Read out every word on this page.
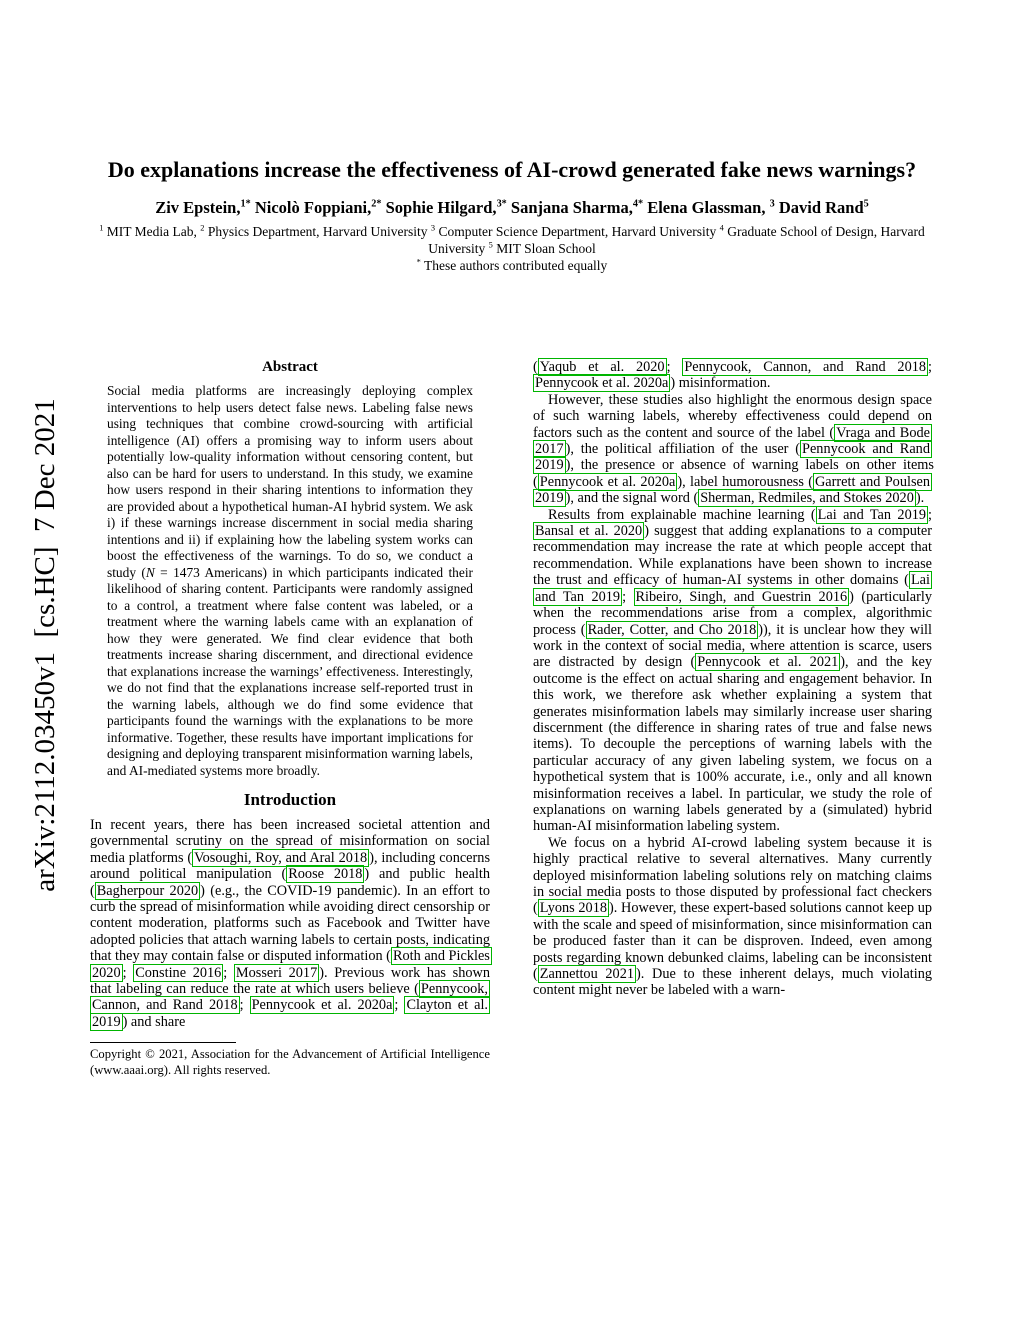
arXiv:2112.03450v1  [cs.HC]  7 Dec 2021
Do explanations increase the effectiveness of AI-crowd generated fake news warnings?
Ziv Epstein,$^{1*}$ Nicolò Foppiani,$^{2*}$ Sophie Hilgard,$^{3*}$ Sanjana Sharma,$^{4*}$ Elena Glassman, $^3$ David Rand$^5$
$^1$ MIT Media Lab, $^2$ Physics Department, Harvard University $^3$ Computer Science Department, Harvard University $^4$ Graduate School of Design, Harvard University $^5$ MIT Sloan School
* These authors contributed equally
Abstract
Social media platforms are increasingly deploying complex interventions to help users detect false news. Labeling false news using techniques that combine crowd-sourcing with artificial intelligence (AI) offers a promising way to inform users about potentially low-quality information without censoring content, but also can be hard for users to understand. In this study, we examine how users respond in their sharing intentions to information they are provided about a hypothetical human-AI hybrid system. We ask i) if these warnings increase discernment in social media sharing intentions and ii) if explaining how the labeling system works can boost the effectiveness of the warnings. To do so, we conduct a study (N = 1473 Americans) in which participants indicated their likelihood of sharing content. Participants were randomly assigned to a control, a treatment where false content was labeled, or a treatment where the warning labels came with an explanation of how they were generated. We find clear evidence that both treatments increase sharing discernment, and directional evidence that explanations increase the warnings’ effectiveness. Interestingly, we do not find that the explanations increase self-reported trust in the warning labels, although we do find some evidence that participants found the warnings with the explanations to be more informative. Together, these results have important implications for designing and deploying transparent misinformation warning labels, and AI-mediated systems more broadly.
Introduction

In recent years, there has been increased societal attention and governmental scrutiny on the spread of misinformation on social media platforms ( Vosoughi, Roy, and Aral 2018 ), including concerns around political manipulation ( Roose 2018 ) and public health ( Bagherpour 2020 ) (e.g., the COVID-19 pandemic). In an effort to curb the spread of misinformation while avoiding direct censorship or content moderation, platforms such as Facebook and Twitter have adopted policies that attach warning labels to certain posts, indicating that they may contain false or disputed information ( Roth and Pickles 2020 ; Constine 2016 ; Mosseri 2017 ). Previous work has shown that labeling can reduce the rate at which users believe ( Pennycook, Cannon, and Rand 2018 ; Pennycook et al. 2020a ; Clayton et al. 2019 ) and share

Copyright © 2021, Association for the Advancement of Artificial Intelligence (www.aaai.org). All rights reserved.

( Yaqub et al. 2020 ; Pennycook, Cannon, and Rand 2018 ; Pennycook et al. 2020a ) misinformation.

However, these studies also highlight the enormous design space of such warning labels, whereby effectiveness could depend on factors such as the content and source of the label ( Vraga and Bode 2017 ), the political affiliation of the user ( Pennycook and Rand 2019 ), the presence or absence of warning labels on other items ( Pennycook et al. 2020a ), label humorousness ( Garrett and Poulsen 2019 ), and the signal word ( Sherman, Redmiles, and Stokes 2020 ).

Results from explainable machine learning ( Lai and Tan 2019 ; Bansal et al. 2020 ) suggest that adding explanations to a computer recommendation may increase the rate at which people accept that recommendation. While explanations have been shown to increase the trust and efficacy of human-AI systems in other domains ( Lai and Tan 2019 ; Ribeiro, Singh, and Guestrin 2016 ) (particularly when the recommendations arise from a complex, algorithmic process ( Rader, Cotter, and Cho 2018 )), it is unclear how they will work in the context of social media, where attention is scarce, users are distracted by design ( Pennycook et al. 2021 ), and the key outcome is the effect on actual sharing and engagement behavior. In this work, we therefore ask whether explaining a system that generates misinformation labels may similarly increase user sharing discernment (the difference in sharing rates of true and false news items). To decouple the perceptions of warning labels with the particular accuracy of any given labeling system, we focus on a hypothetical system that is 100% accurate, i.e., only and all known misinformation receives a label. In particular, we study the role of explanations on warning labels generated by a (simulated) hybrid human-AI misinformation labeling system.

We focus on a hybrid AI-crowd labeling system because it is highly practical relative to several alternatives. Many currently deployed misinformation labeling solutions rely on matching claims in social media posts to those disputed by professional fact checkers ( Lyons 2018 ). However, these expert-based solutions cannot keep up with the scale and speed of misinformation, since misinformation can be produced faster than it can be disproven. Indeed, even among posts regarding known debunked claims, labeling can be inconsistent ( Zannettou 2021 ). Due to these inherent delays, much violating content might never be labeled with a warn-
